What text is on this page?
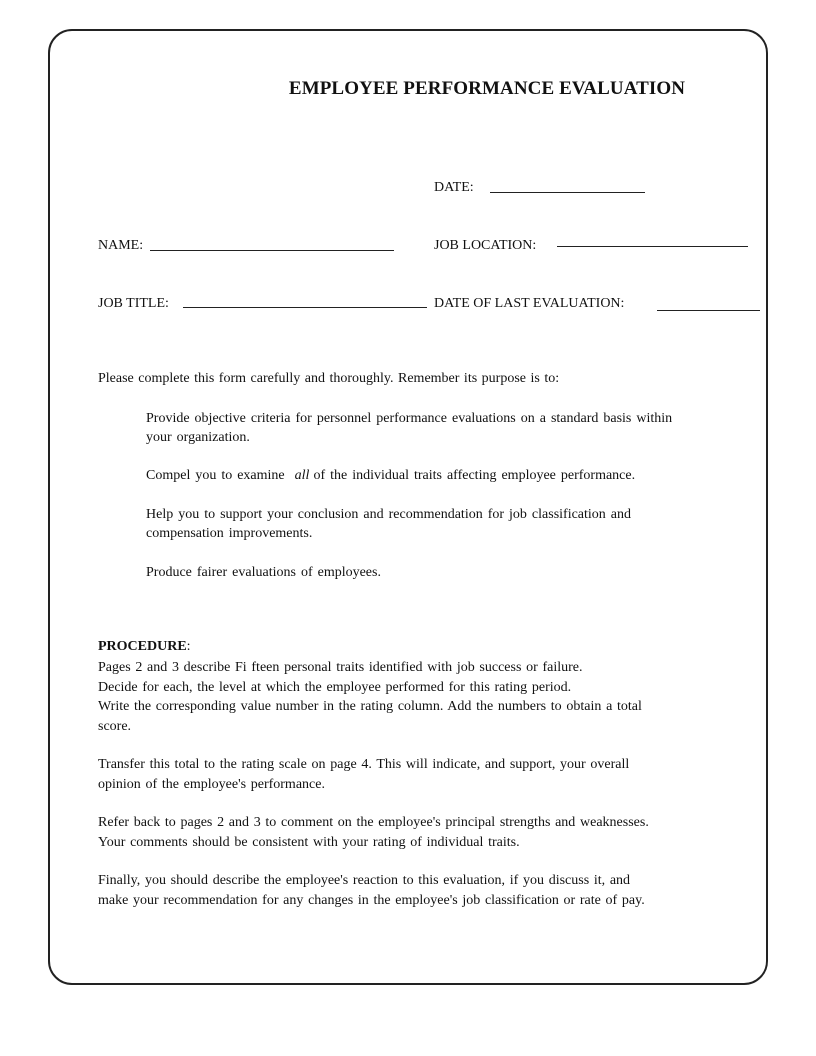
EMPLOYEE PERFORMANCE EVALUATION
DATE:
NAME:	JOB LOCATION:
JOB TITLE:	DATE OF LAST EVALUATION:
Please complete this form carefully and thoroughly. Remember its purpose is to:
Provide objective criteria for personnel performance evaluations on a standard basis within your organization.
Compel you to examine all of the individual traits affecting employee performance.
Help you to support your conclusion and recommendation for job classification and compensation improvements.
Produce fairer evaluations of employees.
PROCEDURE:
Pages 2 and 3 describe Fi fteen personal traits identified with job success or failure.
Decide for each, the level at which the employee performed for this rating period.
Write the corresponding value number in the rating column. Add the numbers to obtain a total
score.
Transfer this total to the rating scale on page 4. This will indicate, and support, your overall
opinion of the employee's performance.
Refer back to pages 2 and 3 to comment on the employee's principal strengths and weaknesses.
Your comments should be consistent with your rating of individual traits.
Finally, you should describe the employee's reaction to this evaluation, if you discuss it, and
make your recommendation for any changes in the employee's job classification or rate of pay.
